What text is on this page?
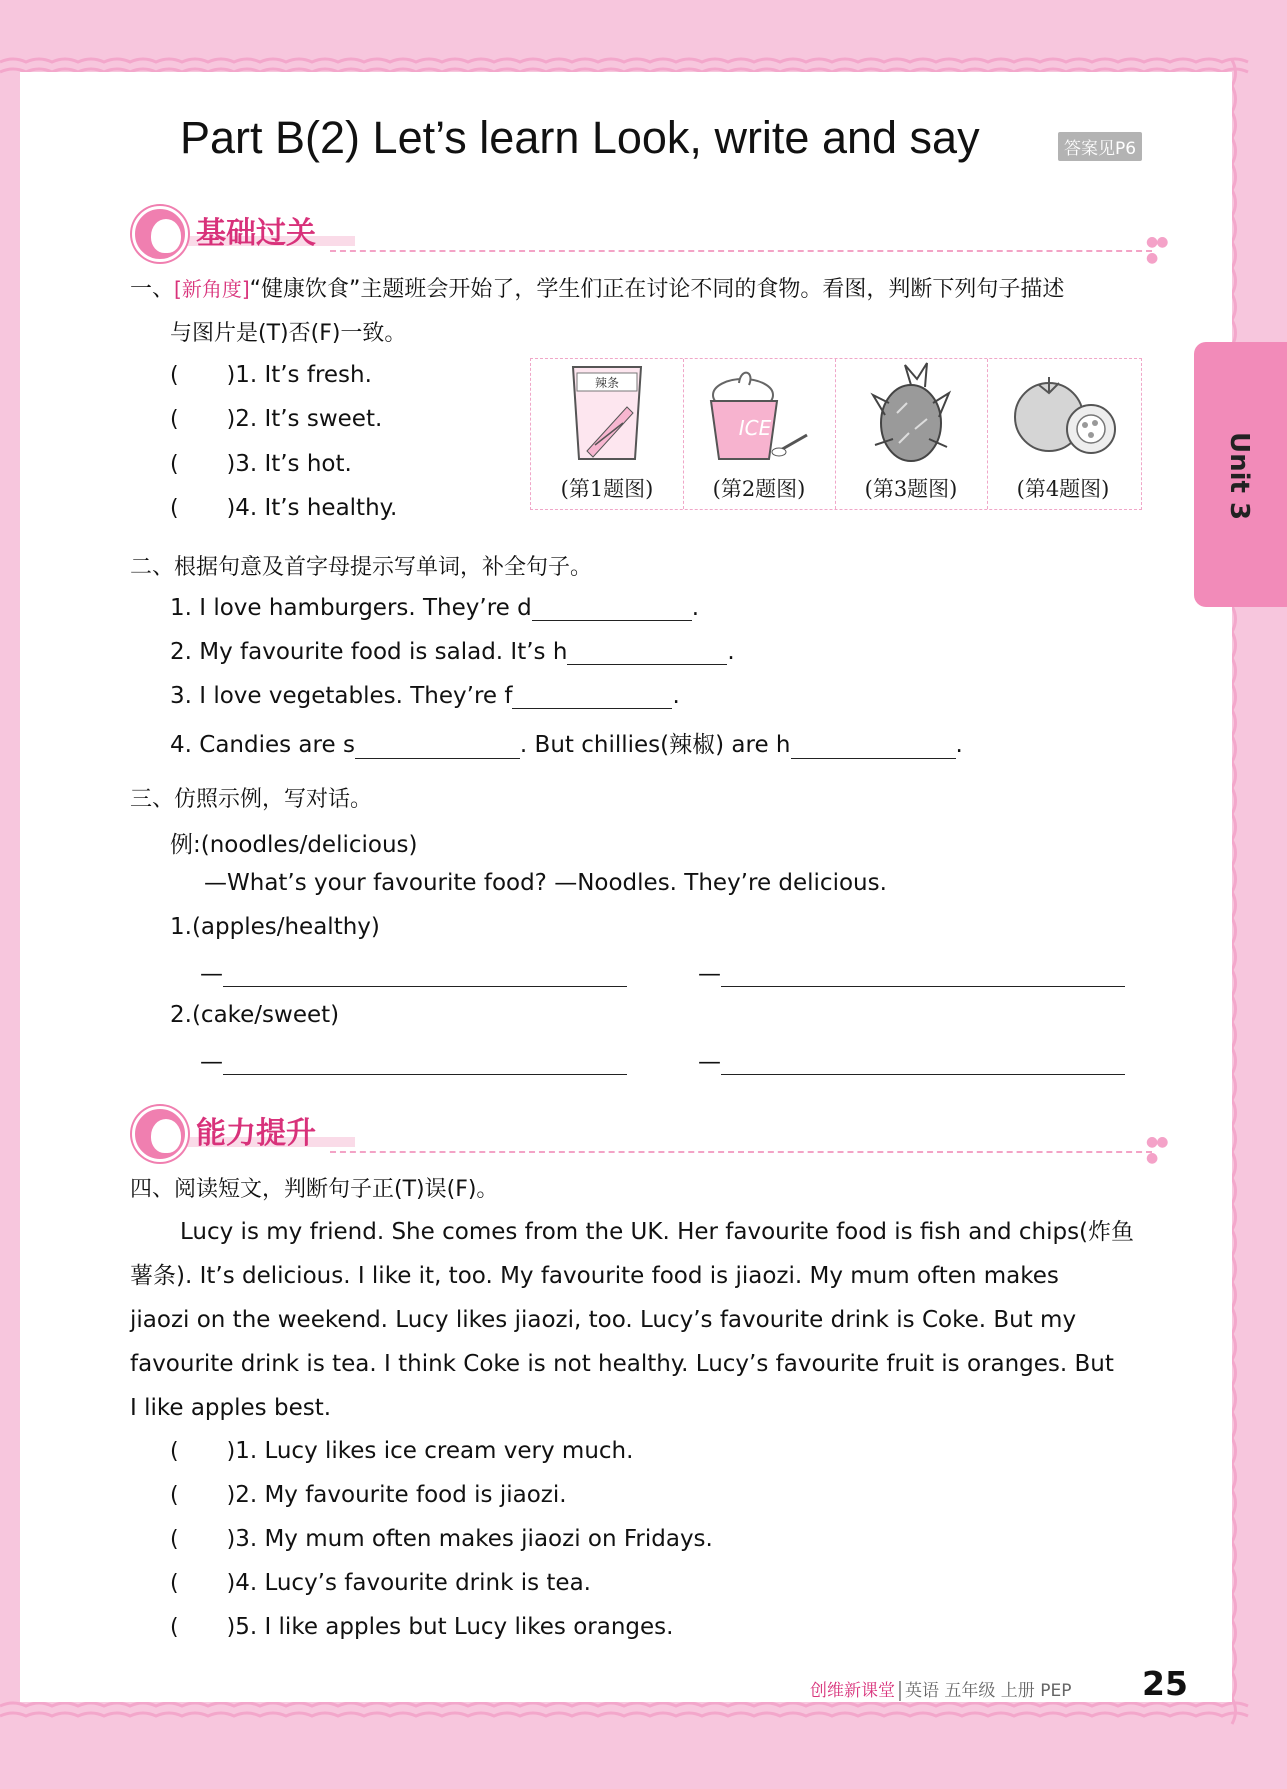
Part B(2) Let’s learn Look, write and say	答案见P6
Unit 3
基础过关	●●
●
一、[新角度]“健康饮食”主题班会开始了，学生们正在讨论不同的食物。看图，判断下列句子描述
与图片是(T)否(F)一致。
( )1. It’s fresh.
( )2. It’s sweet.
( )3. It’s hot.
( )4. It’s healthy.
辣条
(第1题图)
ICE
(第2题图)	(第3题图)	(第4题图)
二、根据句意及首字母提示写单词，补全句子。
1. I love hamburgers. They’re d	.
2. My favourite food is salad. It’s h	.
3. I love vegetables. They’re f	.
4. Candies are s	. But chillies(辣椒) are h	.
三、仿照示例，写对话。
例:(noodles/delicious)
—What’s your favourite food? —Noodles. They’re delicious.
1.(apples/healthy)
—	—
2.(cake/sweet)
—	—
能力提升	●●
●
四、阅读短文，判断句子正(T)误(F)。
Lucy is my friend. She comes from the UK. Her favourite food is fish and chips(炸鱼
薯条). It’s delicious. I like it, too. My favourite food is jiaozi. My mum often makes
jiaozi on the weekend. Lucy likes jiaozi, too. Lucy’s favourite drink is Coke. But my
favourite drink is tea. I think Coke is not healthy. Lucy’s favourite fruit is oranges. But
I like apples best.
( )1. Lucy likes ice cream very much.
( )2. My favourite food is jiaozi.
( )3. My mum often makes jiaozi on Fridays.
( )4. Lucy’s favourite drink is tea.
( )5. I like apples but Lucy likes oranges.
创维新课堂 英语 五年级 上册 PEP 25
